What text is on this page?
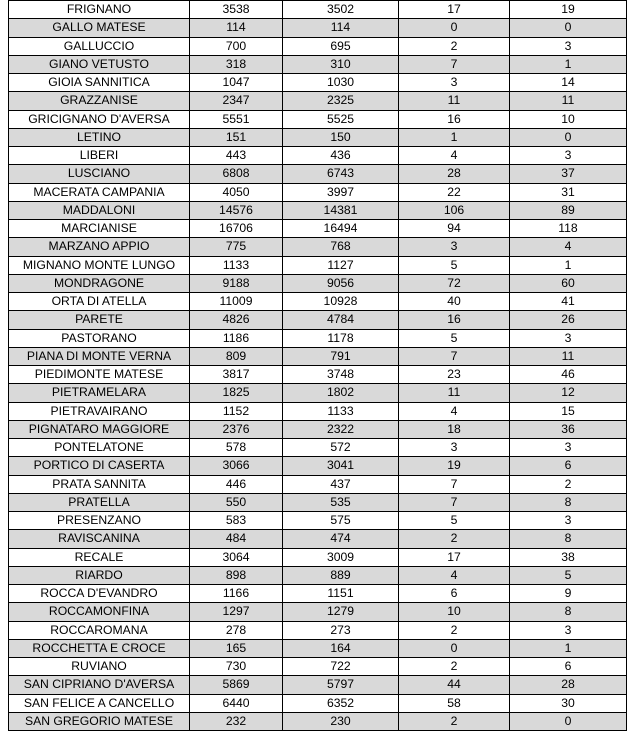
FRIGNANO	3538	3502	17	19
GALLO MATESE	114	114	0	0
GALLUCCIO	700	695	2	3
GIANO VETUSTO	318	310	7	1
GIOIA SANNITICA	1047	1030	3	14
GRAZZANISE	2347	2325	11	11
GRICIGNANO D'AVERSA	5551	5525	16	10
LETINO	151	150	1	0
LIBERI	443	436	4	3
LUSCIANO	6808	6743	28	37
MACERATA CAMPANIA	4050	3997	22	31
MADDALONI	14576	14381	106	89
MARCIANISE	16706	16494	94	118
MARZANO APPIO	775	768	3	4
MIGNANO MONTE LUNGO	1133	1127	5	1
MONDRAGONE	9188	9056	72	60
ORTA DI ATELLA	11009	10928	40	41
PARETE	4826	4784	16	26
PASTORANO	1186	1178	5	3
PIANA DI MONTE VERNA	809	791	7	11
PIEDIMONTE MATESE	3817	3748	23	46
PIETRAMELARA	1825	1802	11	12
PIETRAVAIRANO	1152	1133	4	15
PIGNATARO MAGGIORE	2376	2322	18	36
PONTELATONE	578	572	3	3
PORTICO DI CASERTA	3066	3041	19	6
PRATA SANNITA	446	437	7	2
PRATELLA	550	535	7	8
PRESENZANO	583	575	5	3
RAVISCANINA	484	474	2	8
RECALE	3064	3009	17	38
RIARDO	898	889	4	5
ROCCA D'EVANDRO	1166	1151	6	9
ROCCAMONFINA	1297	1279	10	8
ROCCAROMANA	278	273	2	3
ROCCHETTA E CROCE	165	164	0	1
RUVIANO	730	722	2	6
SAN CIPRIANO D'AVERSA	5869	5797	44	28
SAN FELICE A CANCELLO	6440	6352	58	30
SAN GREGORIO MATESE	232	230	2	0
